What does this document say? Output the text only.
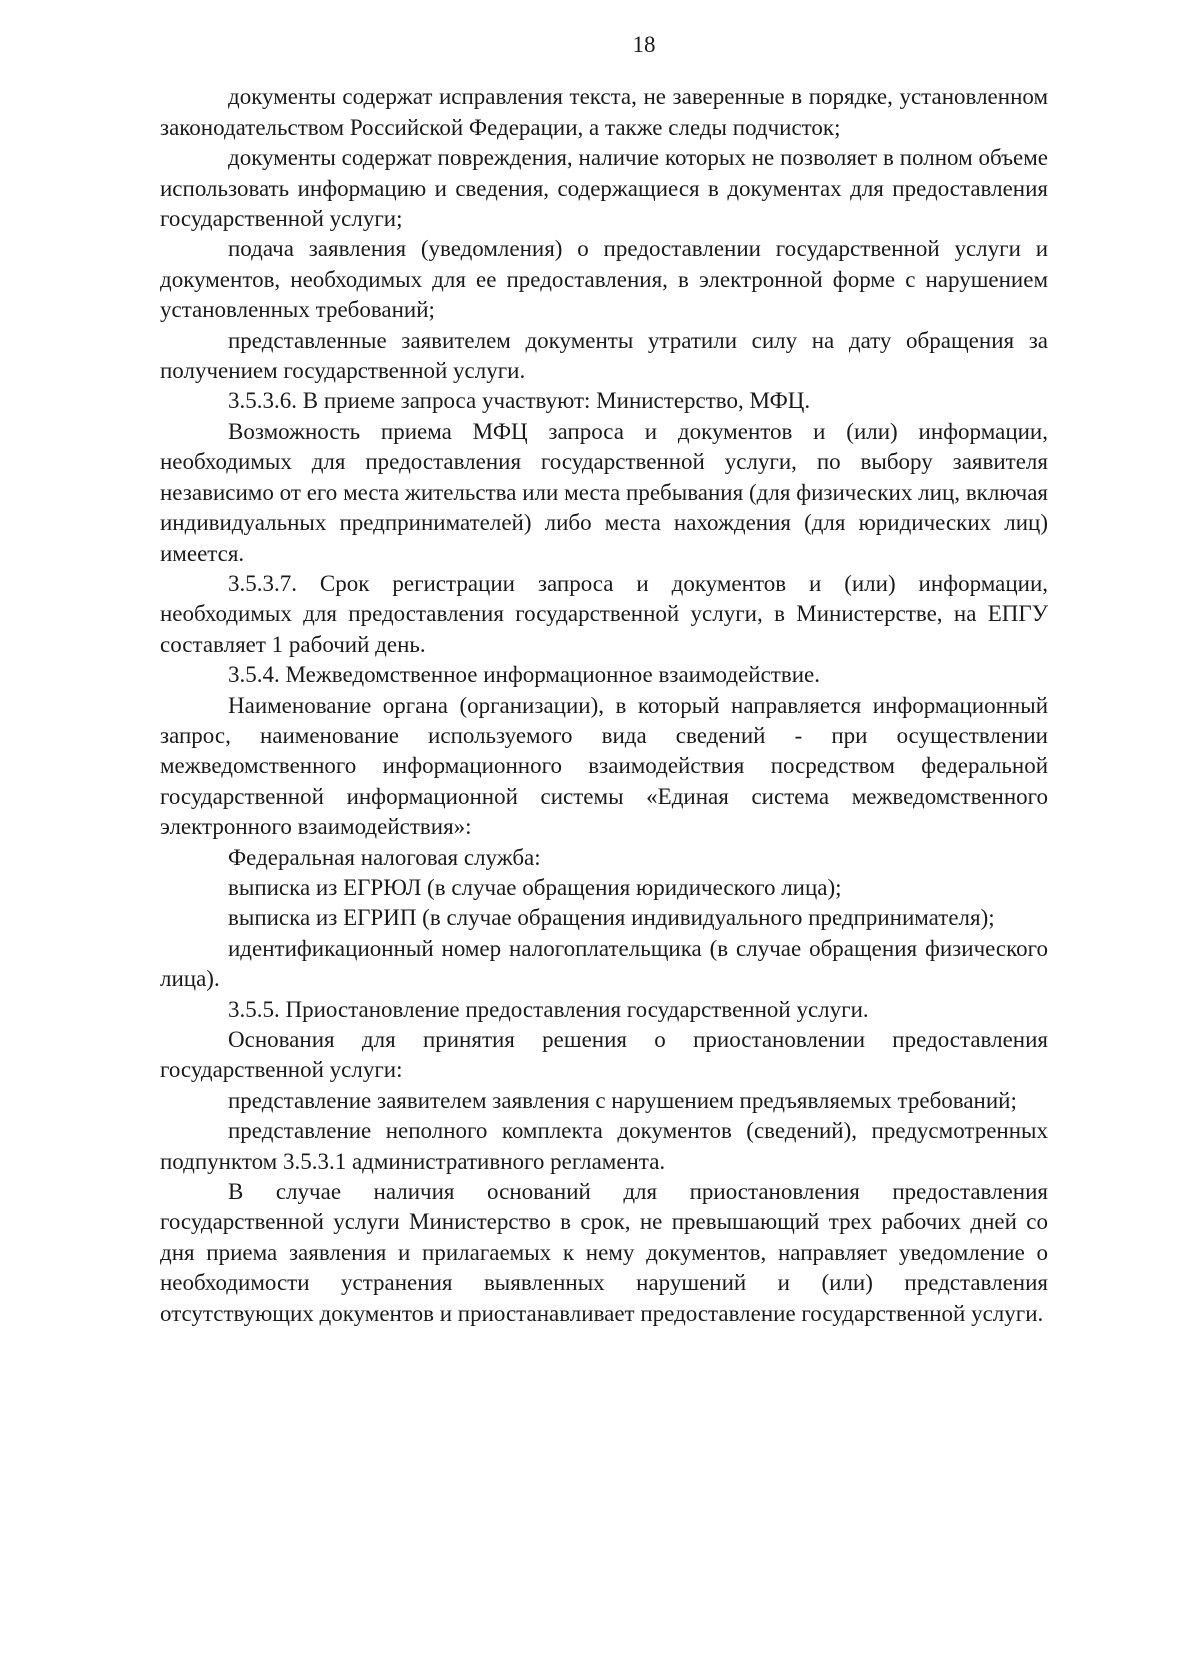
18

документы содержат исправления текста, не заверенные в порядке, установленном законодательством Российской Федерации, а также следы подчисток;

документы содержат повреждения, наличие которых не позволяет в полном объеме использовать информацию и сведения, содержащиеся в документах для предоставления государственной услуги;

подача заявления (уведомления) о предоставлении государственной услуги и документов, необходимых для ее предоставления, в электронной форме с нарушением установленных требований;

представленные заявителем документы утратили силу на дату обращения за получением государственной услуги.

3.5.3.6. В приеме запроса участвуют: Министерство, МФЦ.

Возможность приема МФЦ запроса и документов и (или) информации, необходимых для предоставления государственной услуги, по выбору заявителя независимо от его места жительства или места пребывания (для физических лиц, включая индивидуальных предпринимателей) либо места нахождения (для юридических лиц) имеется.

3.5.3.7. Срок регистрации запроса и документов и (или) информации, необходимых для предоставления государственной услуги, в Министерстве, на ЕПГУ составляет 1 рабочий день.

3.5.4. Межведомственное информационное взаимодействие.

Наименование органа (организации), в который направляется информационный запрос, наименование используемого вида сведений - при осуществлении межведомственного информационного взаимодействия посредством федеральной государственной информационной системы «Единая система межведомственного электронного взаимодействия»:

Федеральная налоговая служба:

выписка из ЕГРЮЛ (в случае обращения юридического лица);

выписка из ЕГРИП (в случае обращения индивидуального предпринимателя);

идентификационный номер налогоплательщика (в случае обращения физического лица).

3.5.5. Приостановление предоставления государственной услуги.

Основания для принятия решения о приостановлении предоставления государственной услуги:

представление заявителем заявления с нарушением предъявляемых требований;

представление неполного комплекта документов (сведений), предусмотренных подпунктом 3.5.3.1 административного регламента.

В случае наличия оснований для приостановления предоставления государственной услуги Министерство в срок, не превышающий трех рабочих дней со дня приема заявления и прилагаемых к нему документов, направляет уведомление о необходимости устранения выявленных нарушений и (или) представления отсутствующих документов и приостанавливает предоставление государственной услуги.
